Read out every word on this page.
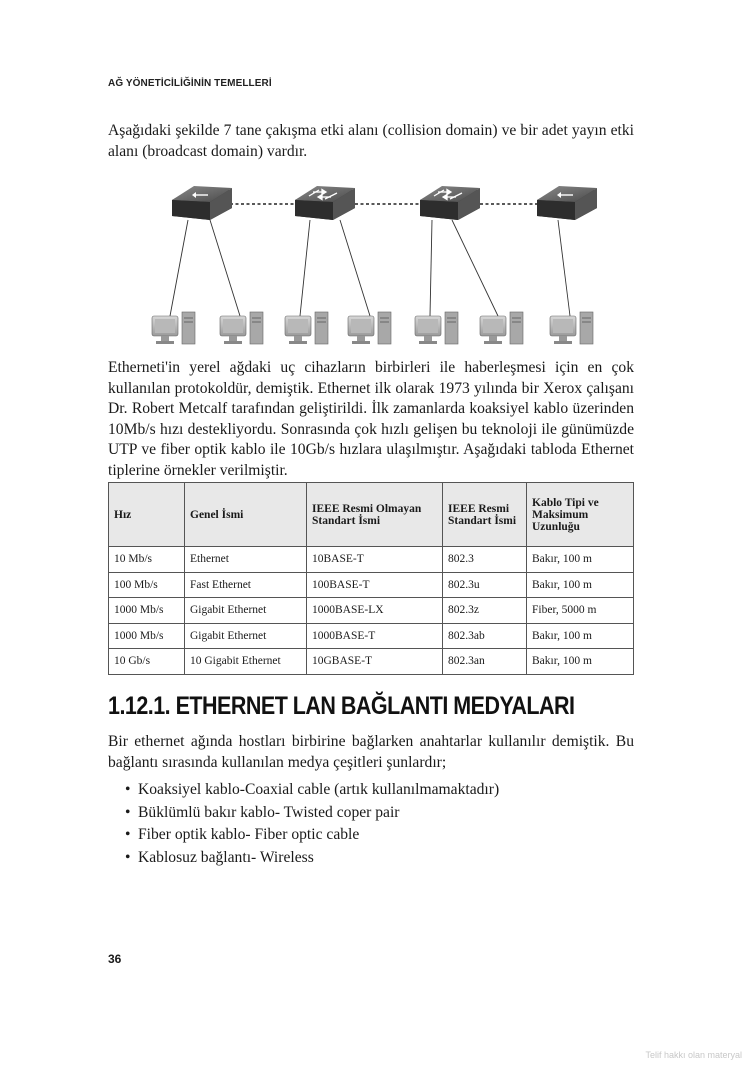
AĞ YÖNETİCİLİĞİNİN TEMELLERİ

Aşağıdaki şekilde 7 tane çakışma etki alanı (collision domain) ve bir adet yayın etki alanı (broadcast domain) vardır.

Etherneti'in yerel ağdaki uç cihazların birbirleri ile haberleşmesi için en çok kullanılan protokoldür, demiştik. Ethernet ilk olarak 1973 yılında bir Xerox çalışanı Dr. Robert Metcalf tarafından geliştirildi. İlk zamanlarda koaksiyel kablo üzerinden 10Mb/s hızı destekliyordu. Sonrasında çok hızlı gelişen bu teknoloji ile günümüzde UTP ve fiber optik kablo ile 10Gb/s hızlara ulaşılmıştır. Aşağıdaki tabloda Ethernet tiplerine örnekler verilmiştir.

Hız	Genel İsmi	IEEE Resmi Olmayan Standart İsmi	IEEE Resmi Standart İsmi	Kablo Tipi ve Maksimum Uzunluğu
10 Mb/s	Ethernet	10BASE-T	802.3	Bakır, 100 m
100 Mb/s	Fast Ethernet	100BASE-T	802.3u	Bakır, 100 m
1000 Mb/s	Gigabit Ethernet	1000BASE-LX	802.3z	Fiber, 5000 m
1000 Mb/s	Gigabit Ethernet	1000BASE-T	802.3ab	Bakır, 100 m
10 Gb/s	10 Gigabit Ethernet	10GBASE-T	802.3an	Bakır, 100 m
1.12.1. ETHERNET LAN BAĞLANTI MEDYALARI

Bir ethernet ağında hostları birbirine bağlarken anahtarlar kullanılır demiştik. Bu bağlantı sırasında kullanılan medya çeşitleri şunlardır;

• Koaksiyel kablo-Coaxial cable (artık kullanılmamaktadır)
• Büklümlü bakır kablo- Twisted coper pair
• Fiber optik kablo- Fiber optic cable
• Kablosuz bağlantı- Wireless
36
Telif hakkı olan materyal
